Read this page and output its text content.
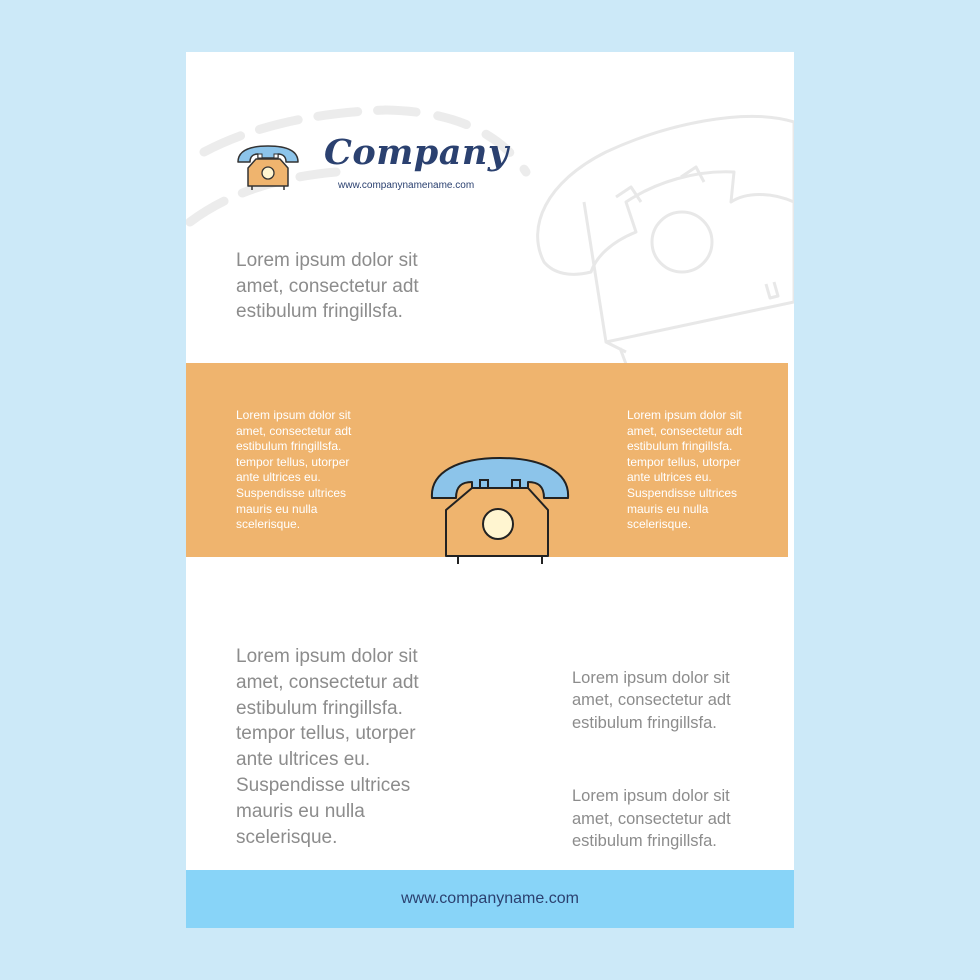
Company
www.companynamename.com
Lorem ipsum dolor sit
amet, consectetur adt
estibulum fringillsfa.
Lorem ipsum dolor sit
amet, consectetur adt
estibulum fringillsfa.
tempor tellus, utorper
ante ultrices eu.
Suspendisse ultrices
mauris eu nulla
scelerisque.
Lorem ipsum dolor sit
amet, consectetur adt
estibulum fringillsfa.
tempor tellus, utorper
ante ultrices eu.
Suspendisse ultrices
mauris eu nulla
scelerisque.
Lorem ipsum dolor sit
amet, consectetur adt
estibulum fringillsfa.
tempor tellus, utorper
ante ultrices eu.
Suspendisse ultrices
mauris eu nulla
scelerisque.

Lorem ipsum dolor sit
amet, consectetur adt
estibulum fringillsfa.

Lorem ipsum dolor sit
amet, consectetur adt
estibulum fringillsfa.

www.companyname.com
